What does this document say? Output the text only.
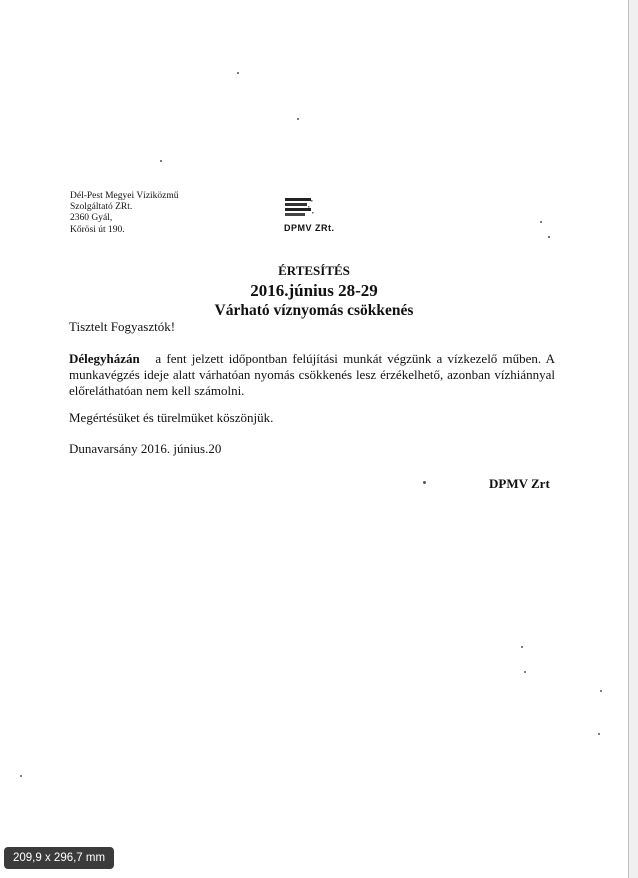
Dél-Pest Megyei Víziközmű
Szolgáltató ZRt.
2360 Gyál,
Kőrösi út 190.	DPMV ZRt.
ÉRTESÍTÉS
2016.június 28-29
Várható víznyomás csökkenés
Tisztelt Fogyasztók!
Délegyházán a fent jelzett időpontban felújítási munkát végzünk a vízkezelő műben. A munkavégzés ideje alatt várhatóan nyomás csökkenés lesz érzékelhető, azonban vízhiánnyal előreláthatóan nem kell számolni.
Megértésüket és türelmüket köszönjük.
Dunavarsány 2016. június.20
DPMV Zrt
209,9 x 296,7 mm
